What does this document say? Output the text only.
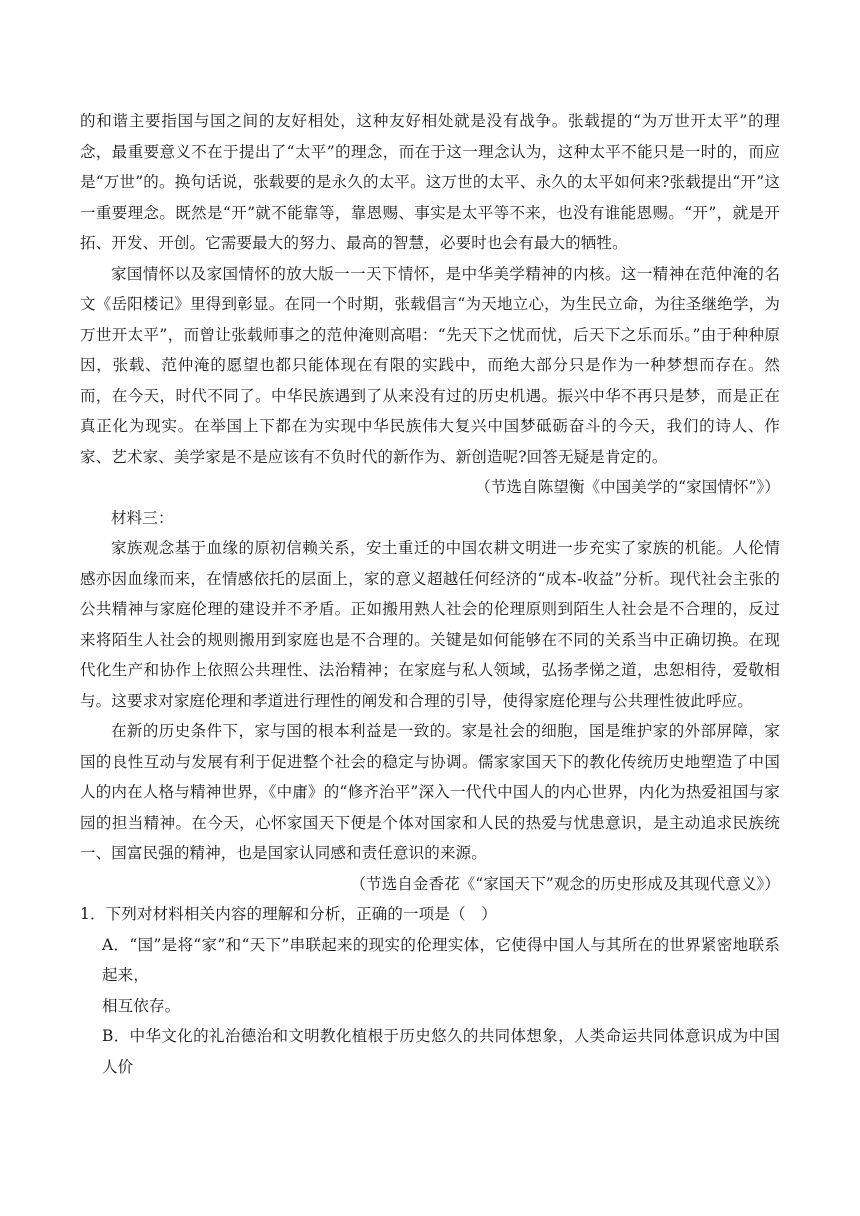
的和谐主要指国与国之间的友好相处，这种友好相处就是没有战争。张载提的“为万世开太平”的理念，最重要意义不在于提出了“太平”的理念，而在于这一理念认为，这种太平不能只是一时的，而应是“万世”的。换句话说，张载要的是永久的太平。这万世的太平、永久的太平如何来?张载提出“开”这一重要理念。既然是“开”就不能靠等，靠恩赐、事实是太平等不来，也没有谁能恩赐。“开”，就是开拓、开发、开创。它需要最大的努力、最高的智慧，必要时也会有最大的牺牲。

家国情怀以及家国情怀的放大版一一天下情怀，是中华美学精神的内核。这一精神在范仲淹的名文《岳阳楼记》里得到彰显。在同一个时期，张载倡言“为天地立心，为生民立命，为往圣继绝学，为万世开太平”，而曾让张载师事之的范仲淹则高唱：“先天下之忧而忧，后天下之乐而乐。”由于种种原因，张载、范仲淹的愿望也都只能体现在有限的实践中，而绝大部分只是作为一种梦想而存在。然而，在今天，时代不同了。中华民族遇到了从来没有过的历史机遇。振兴中华不再只是梦，而是正在真正化为现实。在举国上下都在为实现中华民族伟大复兴中国梦砥砺奋斗的今天，我们的诗人、作家、艺术家、美学家是不是应该有不负时代的新作为、新创造呢?回答无疑是肯定的。

（节选自陈望衡《中国美学的“家国情怀”》）

材料三：

家族观念基于血缘的原初信赖关系，安土重迁的中国农耕文明进一步充实了家族的机能。人伦情感亦因血缘而来，在情感依托的层面上，家的意义超越任何经济的“成本-收益”分析。现代社会主张的公共精神与家庭伦理的建设并不矛盾。正如搬用熟人社会的伦理原则到陌生人社会是不合理的，反过来将陌生人社会的规则搬用到家庭也是不合理的。关键是如何能够在不同的关系当中正确切换。在现代化生产和协作上依照公共理性、法治精神；在家庭与私人领域，弘扬孝悌之道，忠恕相待，爱敬相与。这要求对家庭伦理和孝道进行理性的阐发和合理的引导，使得家庭伦理与公共理性彼此呼应。

在新的历史条件下，家与国的根本利益是一致的。家是社会的细胞，国是维护家的外部屏障，家国的良性互动与发展有利于促进整个社会的稳定与协调。儒家家国天下的教化传统历史地塑造了中国人的内在人格与精神世界，《中庸》的“修齐治平”深入一代代中国人的内心世界，内化为热爱祖国与家园的担当精神。在今天，心怀家国天下便是个体对国家和人民的热爱与忧患意识，是主动追求民族统一、国富民强的精神，也是国家认同感和责任意识的来源。

（节选自金香花《“家国天下”观念的历史形成及其现代意义》）

1．下列对材料相关内容的理解和分析，正确的一项是（　）

A．“国”是将“家”和“天下”串联起来的现实的伦理实体，它使得中国人与其所在的世界紧密地联系起来，

相互依存。

B．中华文化的礼治德治和文明教化植根于历史悠久的共同体想象，人类命运共同体意识成为中国人价
